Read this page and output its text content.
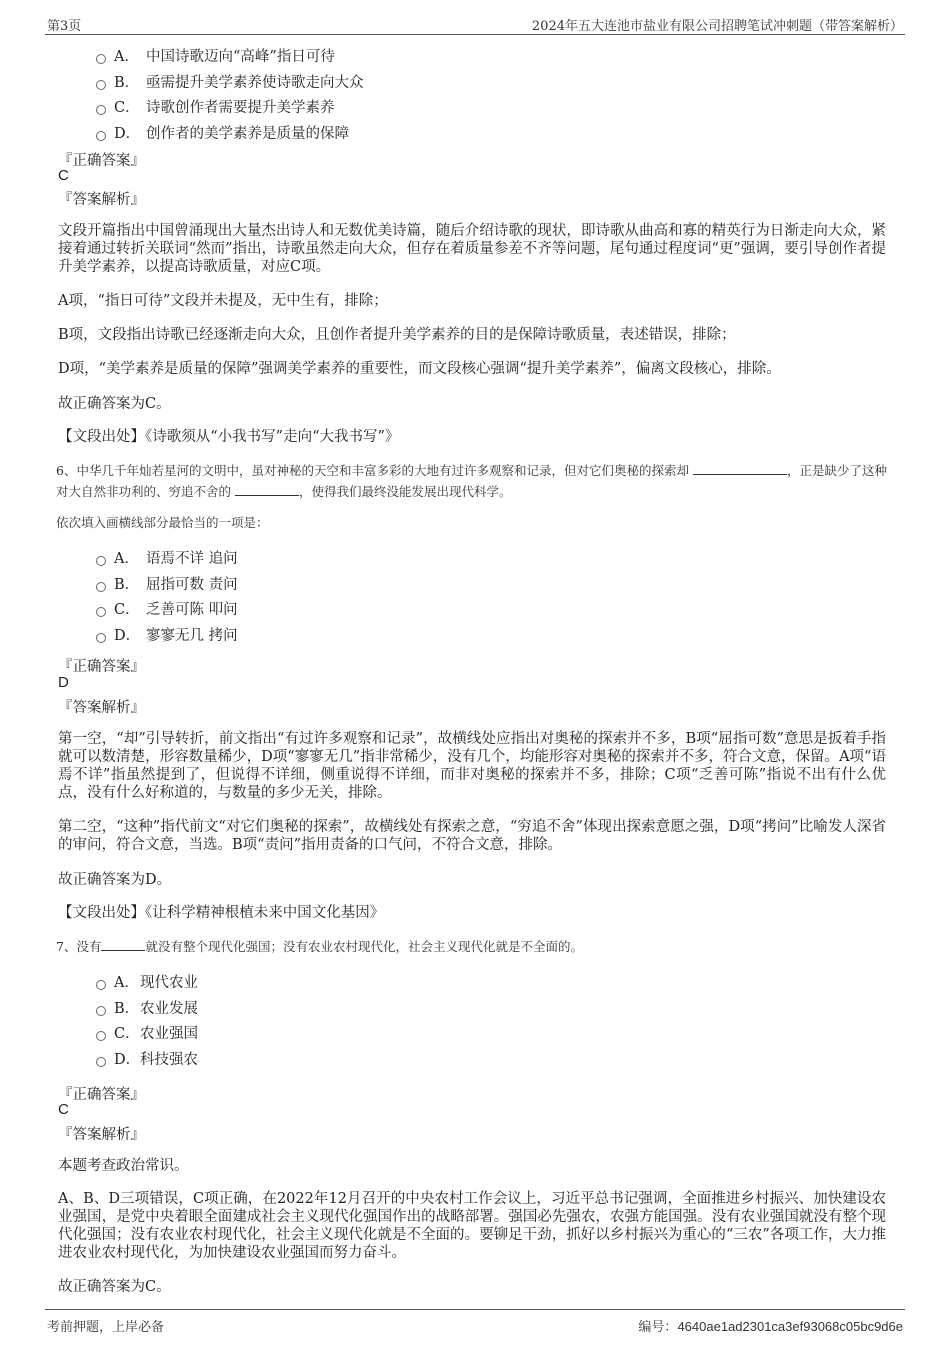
第3页	2024年五大连池市盐业有限公司招聘笔试冲刺题（带答案解析）
A． 中国诗歌迈向“高峰”指日可待
B． 亟需提升美学素养使诗歌走向大众
C． 诗歌创作者需要提升美学素养
D． 创作者的美学素养是质量的保障
『正确答案』
C
『答案解析』
文段开篇指出中国曾涌现出大量杰出诗人和无数优美诗篇，随后介绍诗歌的现状，即诗歌从曲高和寡的精英行为日渐走向大众，紧接着通过转折关联词“然而”指出，诗歌虽然走向大众，但存在着质量参差不齐等问题，尾句通过程度词“更”强调，要引导创作者提升美学素养，以提高诗歌质量，对应C项。
A项，“指日可待”文段并未提及，无中生有，排除；
B项，文段指出诗歌已经逐渐走向大众，且创作者提升美学素养的目的是保障诗歌质量，表述错误，排除；
D项，“美学素养是质量的保障”强调美学素养的重要性，而文段核心强调“提升美学素养”，偏离文段核心，排除。
故正确答案为C。
【文段出处】《诗歌须从“小我书写”走向“大我书写”》
6、中华几千年灿若星河的文明中，虽对神秘的天空和丰富多彩的大地有过许多观察和记录，但对它们奥秘的探索却	，正是缺少了这种对大自然非功利的、穷追不舍的	，使得我们最终没能发展出现代科学。
依次填入画横线部分最恰当的一项是：
A． 语焉不详 追问
B． 屈指可数 责问
C． 乏善可陈 叩问
D． 寥寥无几 拷问
『正确答案』
D
『答案解析』
第一空，“却”引导转折，前文指出“有过许多观察和记录”，故横线处应指出对奥秘的探索并不多，B项“屈指可数”意思是扳着手指就可以数清楚，形容数量稀少，D项“寥寥无几”指非常稀少，没有几个，均能形容对奥秘的探索并不多，符合文意，保留。A项“语焉不详”指虽然提到了，但说得不详细，侧重说得不详细，而非对奥秘的探索并不多，排除；C项“乏善可陈”指说不出有什么优点，没有什么好称道的，与数量的多少无关，排除。
第二空，“这种”指代前文“对它们奥秘的探索”，故横线处有探索之意，“穷追不舍”体现出探索意愿之强，D项“拷问”比喻发人深省的审问，符合文意，当选。B项“责问”指用责备的口气问，不符合文意，排除。
故正确答案为D。
【文段出处】《让科学精神根植未来中国文化基因》
7、没有	就没有整个现代化强国；没有农业农村现代化，社会主义现代化就是不全面的。
A． 现代农业
B． 农业发展
C． 农业强国
D． 科技强农
『正确答案』
C
『答案解析』
本题考查政治常识。
A、B、D三项错误，C项正确，在2022年12月召开的中央农村工作会议上，习近平总书记强调，全面推进乡村振兴、加快建设农业强国，是党中央着眼全面建成社会主义现代化强国作出的战略部署。强国必先强农，农强方能国强。没有农业强国就没有整个现代化强国；没有农业农村现代化，社会主义现代化就是不全面的。要铆足干劲，抓好以乡村振兴为重心的“三农”各项工作，大力推进农业农村现代化，为加快建设农业强国而努力奋斗。
故正确答案为C。
考前押题，上岸必备	编号：4640ae1ad2301ca3ef93068c05bc9d6e
